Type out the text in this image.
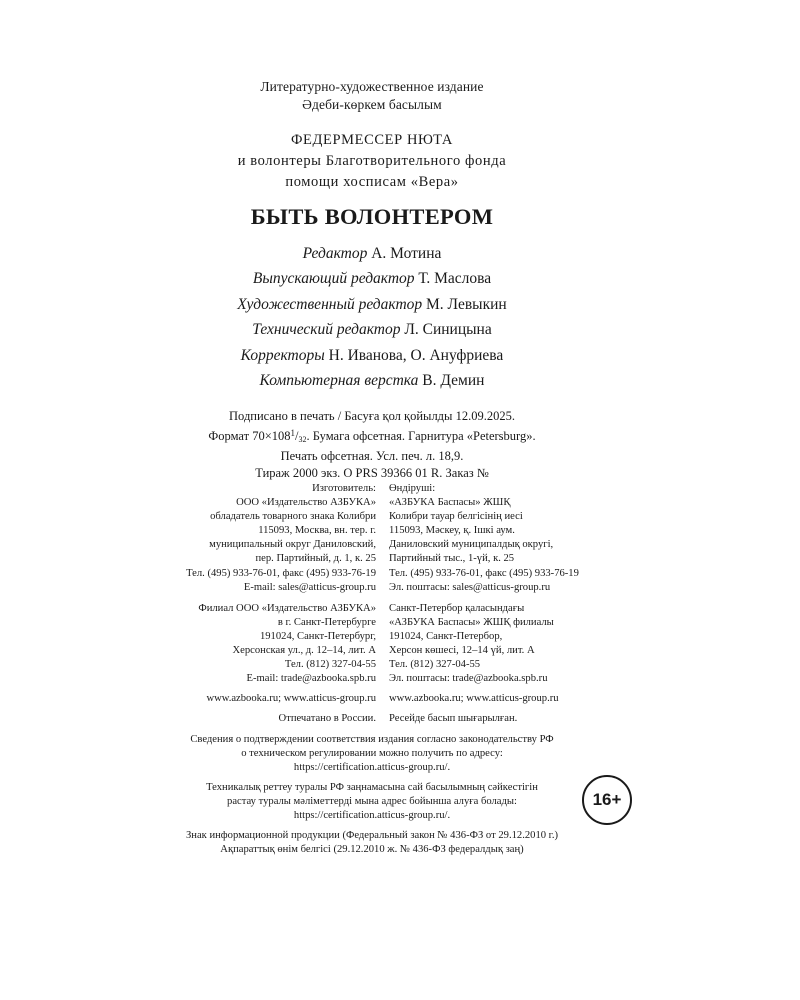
Литературно-художественное издание
Әдеби-көркем басылым
ФЕДЕРМЕССЕР НЮТА
и волонтеры Благотворительного фонда
помощи хосписам «Вера»
БЫТЬ ВОЛОНТЕРОМ
Редактор А. Мотина
Выпускающий редактор Т. Маслова
Художественный редактор М. Левыкин
Технический редактор Л. Синицына
Корректоры Н. Иванова, О. Ануфриева
Компьютерная верстка В. Демин
Подписано в печать / Басуға қол қойылды 12.09.2025.
Формат $70\times 108^1/_{32}$. Бумага офсетная. Гарнитура «Petersburg».
Печать офсетная. Усл. печ. л. 18,9.
Тираж 2000 экз. О PRS 39366 01 R. Заказ №
Изготовитель:
ООО «Издательство АЗБУКА»
обладатель товарного знака Колибри
115093, Москва, вн. тер. г.
муниципальный округ Даниловский,
пер. Партийный, д. 1, к. 25
Тел. (495) 933-76-01, факс (495) 933-76-19
E-mail: sales@atticus-group.ru
Өндіруші:
«АЗБУКА Баспасы» ЖШҚ
Колибри тауар белгісінің иесі
115093, Мәскеу, қ. Ішкі аум.
Даниловский муниципалдық округі,
Партийный тыс., 1-үй, к. 25
Тел. (495) 933-76-01, факс (495) 933-76-19
Эл. поштасы: sales@atticus-group.ru
Филиал ООО «Издательство АЗБУКА»
в г. Санкт-Петербурге
191024, Санкт-Петербург,
Херсонская ул., д. 12–14, лит. А
Тел. (812) 327-04-55
E-mail: trade@azbooka.spb.ru
Санкт-Петербор қаласындағы
«АЗБУКА Баспасы» ЖШҚ филиалы
191024, Санкт-Петербор,
Херсон көшесі, 12–14 үй, лит. А
Тел. (812) 327-04-55
Эл. поштасы: trade@azbooka.spb.ru
www.azbooka.ru; www.atticus-group.ru www.azbooka.ru; www.atticus-group.ru
Отпечатано в России. Ресейде басып шығарылған.
Сведения о подтверждении соответствия издания согласно законодательству РФ
о техническом регулировании можно получить по адресу:
https://certification.atticus-group.ru/.
Техникалық реттеу туралы РФ заңнамасына сай басылымның сәйкестігін
растау туралы мәліметтерді мына адрес бойынша алуға болады:
https://certification.atticus-group.ru/.
16+
Знак информационной продукции (Федеральный закон № 436-ФЗ от 29.12.2010 г.)
Ақпараттық өнім белгісі (29.12.2010 ж. № 436-ФЗ федералдық заң)
